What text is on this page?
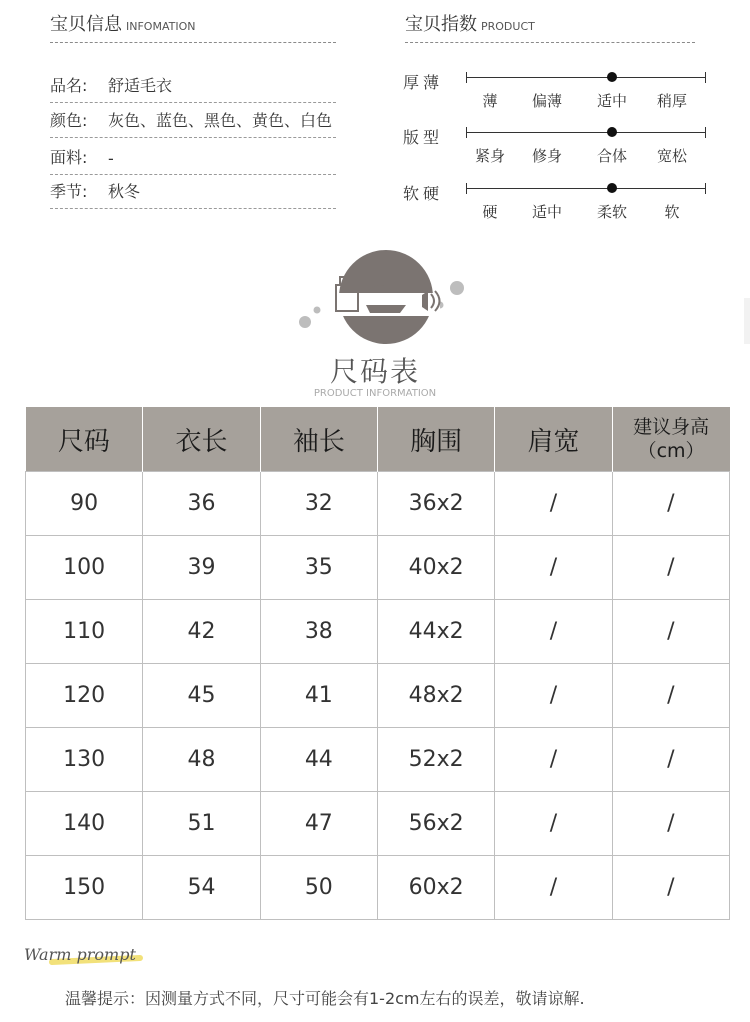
宝贝信息 INFOMATION	宝贝指数 PRODUCT
品名: 舒适毛衣
颜色: 灰色、蓝色、黑色、黄色、白色
面料: -
季节: 秋冬
厚薄
薄	偏薄	适中	稍厚
版型
紧身	修身	合体	宽松
软硬
硬	适中	柔软	软
尺码表
PRODUCT INFORMATION
尺码	衣长	袖长	胸围	肩宽	建议身高
（cm）

90	36	32	36x2	/	/
100	39	35	40x2	/	/
110	42	38	44x2	/	/
120	45	41	48x2	/	/
130	48	44	52x2	/	/
140	51	47	56x2	/	/
150	54	50	60x2	/	/
Warm prompt
温馨提示：因测量方式不同，尺寸可能会有1-2cm左右的误差，敬请谅解.
